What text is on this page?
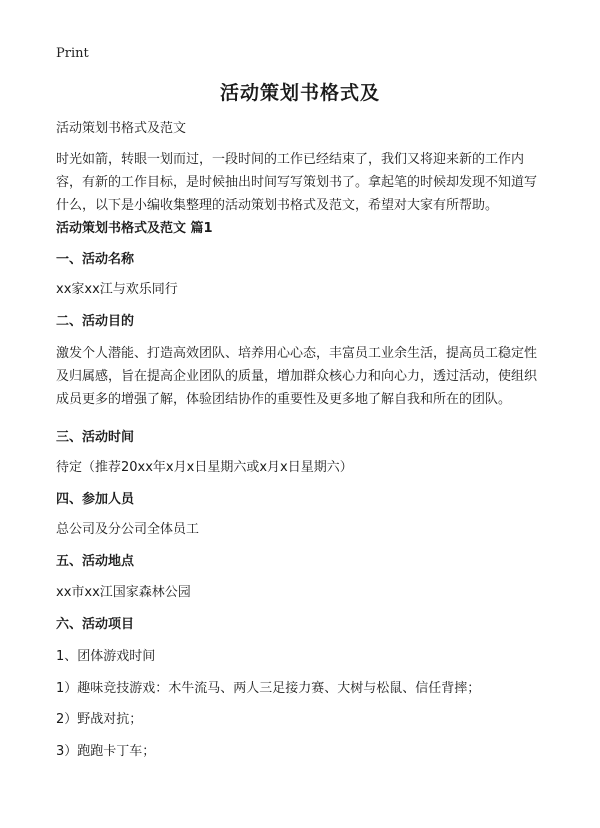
Print
活动策划书格式及
活动策划书格式及范文
时光如箭，转眼一划而过，一段时间的工作已经结束了，我们又将迎来新的工作内容，有新的工作目标，是时候抽出时间写写策划书了。拿起笔的时候却发现不知道写什么，以下是小编收集整理的活动策划书格式及范文，希望对大家有所帮助。
活动策划书格式及范文 篇1
一、活动名称
xx家xx江与欢乐同行
二、活动目的
激发个人潜能、打造高效团队、培养用心心态，丰富员工业余生活，提高员工稳定性及归属感，旨在提高企业团队的质量，增加群众核心力和向心力，透过活动，使组织成员更多的增强了解，体验团结协作的重要性及更多地了解自我和所在的团队。
三、活动时间
待定（推荐20xx年x月x日星期六或x月x日星期六）
四、参加人员
总公司及分公司全体员工
五、活动地点
xx市xx江国家森林公园
六、活动项目
1、团体游戏时间
1）趣味竞技游戏：木牛流马、两人三足接力赛、大树与松鼠、信任背摔；
2）野战对抗；
3）跑跑卡丁车；
